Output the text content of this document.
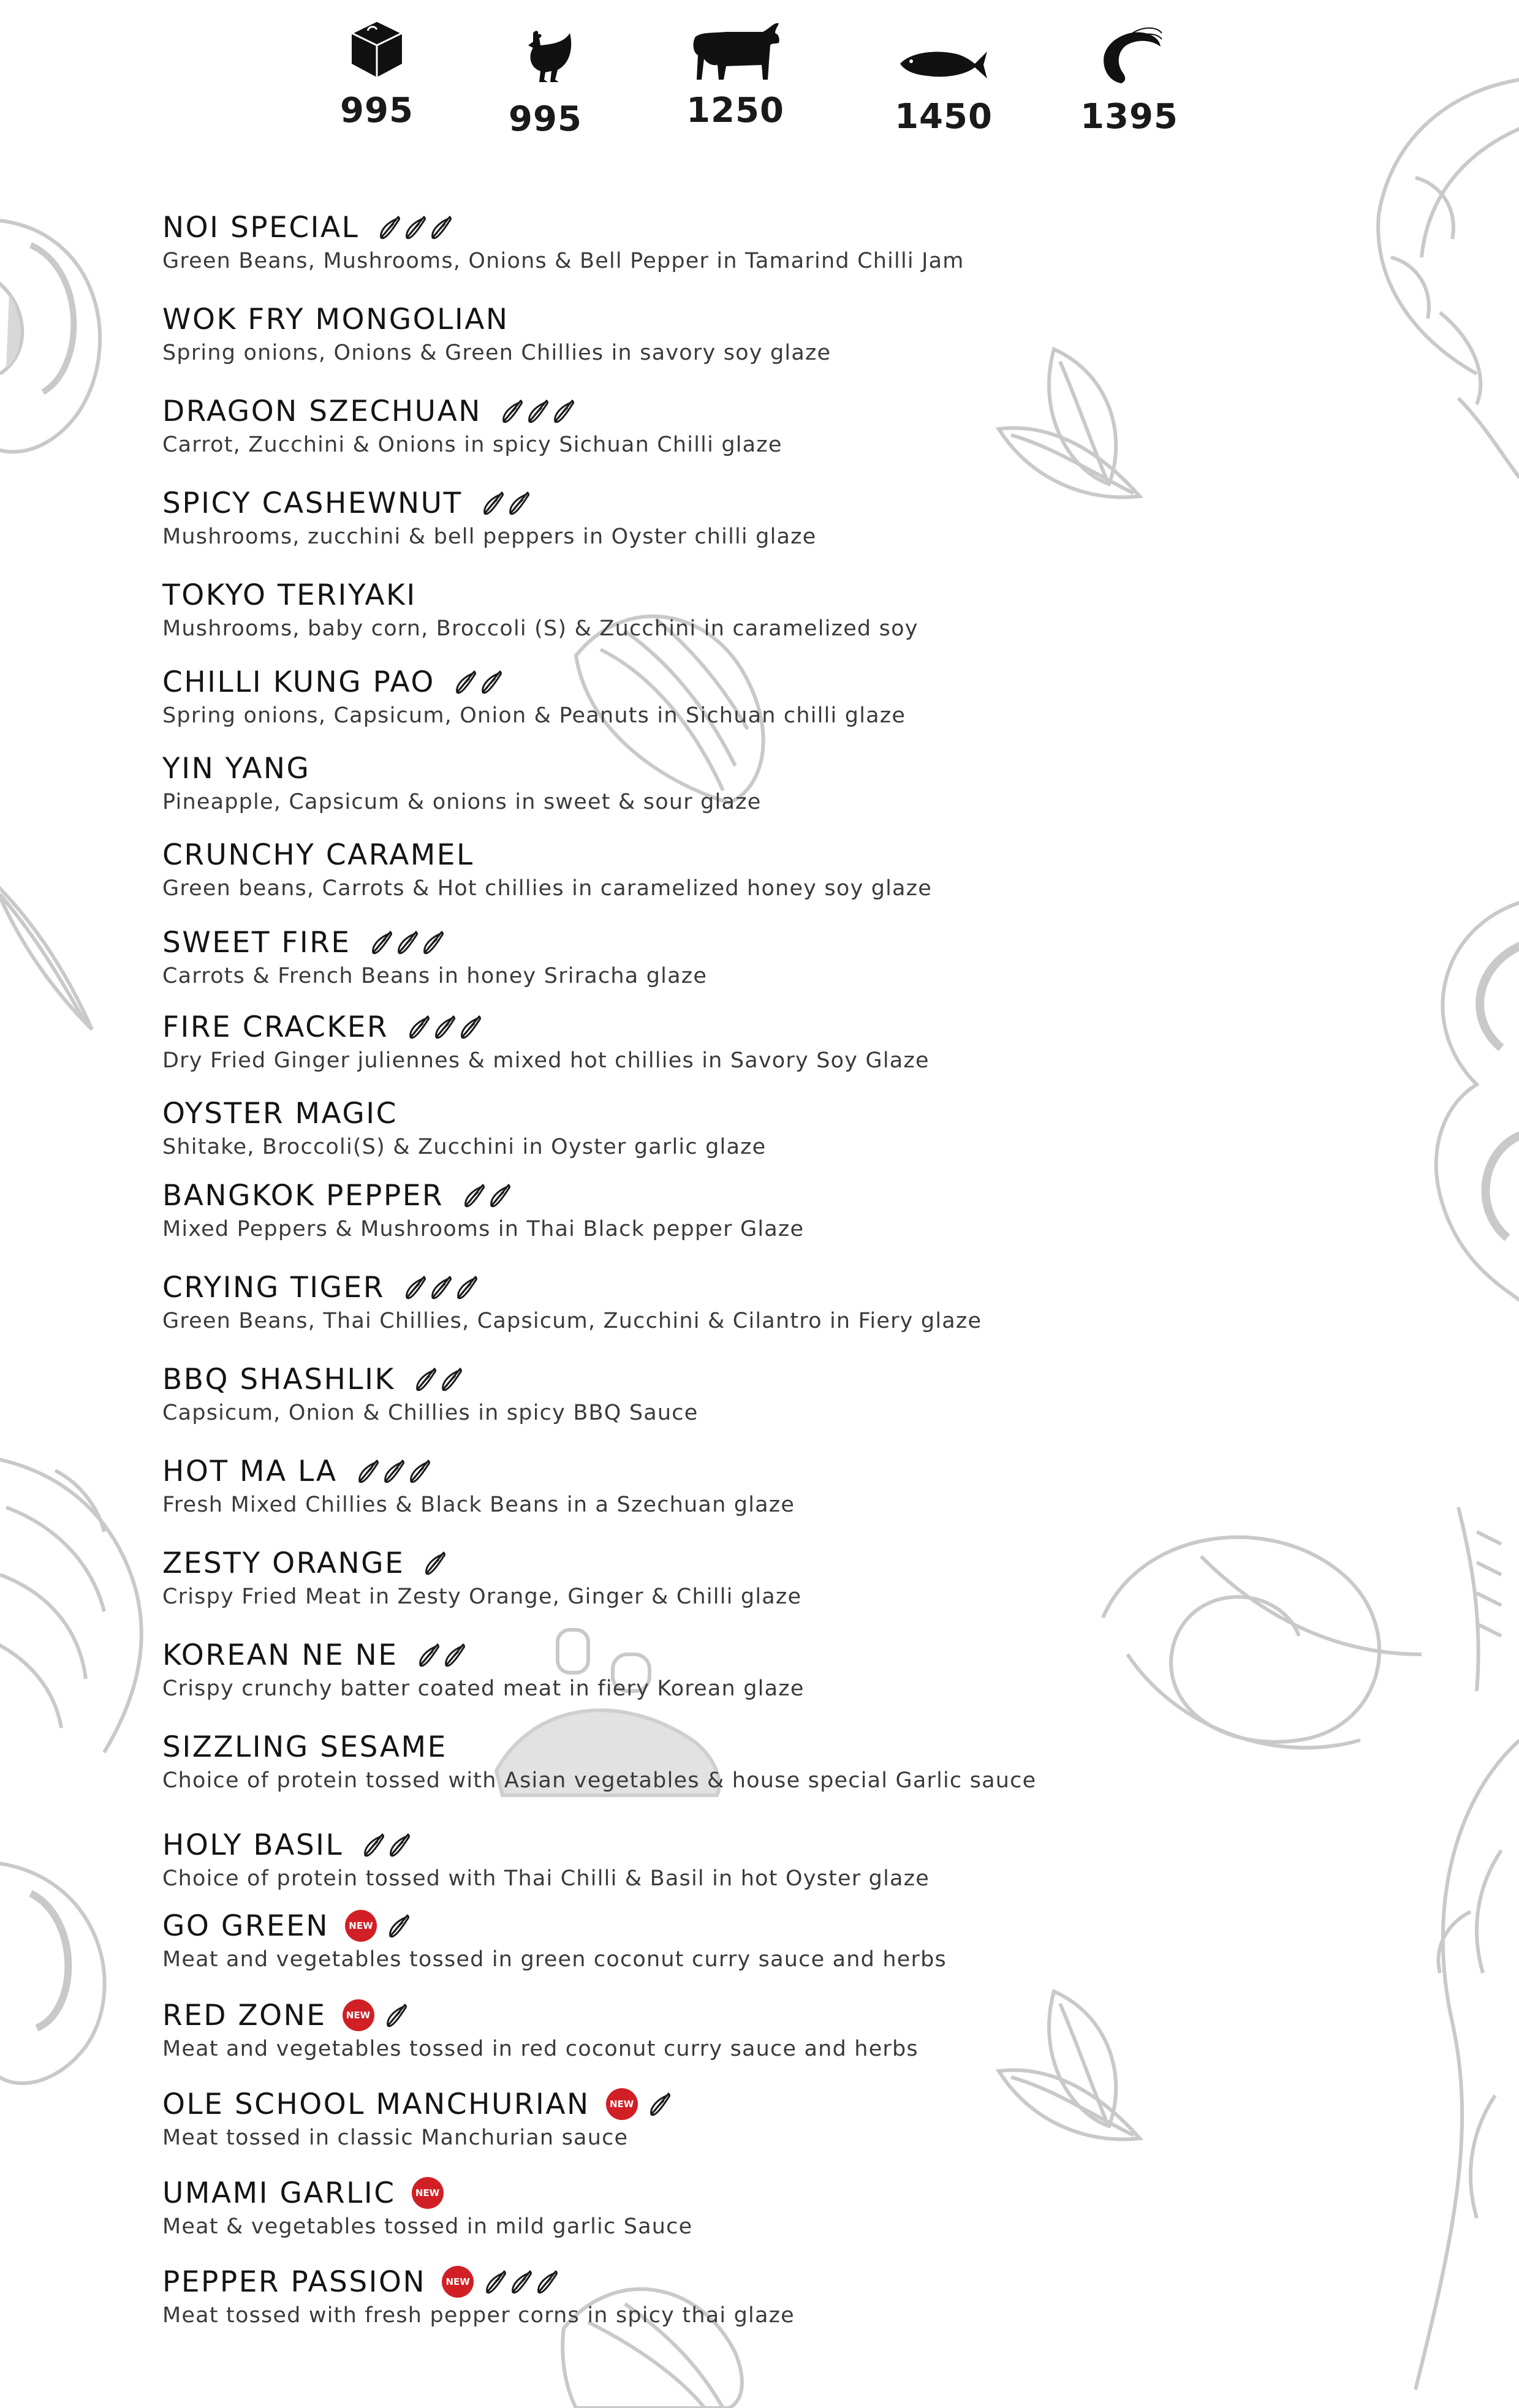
995	995	1250	1450	1395
NOI SPECIAL
Green Beans, Mushrooms, Onions & Bell Pepper in Tamarind Chilli Jam
WOK FRY MONGOLIAN
Spring onions, Onions & Green Chillies in savory soy glaze
DRAGON SZECHUAN
Carrot, Zucchini & Onions in spicy Sichuan Chilli glaze
SPICY CASHEWNUT
Mushrooms, zucchini & bell peppers in Oyster chilli glaze
TOKYO TERIYAKI
Mushrooms, baby corn, Broccoli (S) & Zucchini in caramelized soy
CHILLI KUNG PAO
Spring onions, Capsicum, Onion & Peanuts in Sichuan chilli glaze
YIN YANG
Pineapple, Capsicum & onions in sweet & sour glaze
CRUNCHY CARAMEL
Green beans, Carrots & Hot chillies in caramelized honey soy glaze
SWEET FIRE
Carrots & French Beans in honey Sriracha glaze
FIRE CRACKER
Dry Fried Ginger juliennes & mixed hot chillies in Savory Soy Glaze
OYSTER MAGIC
Shitake, Broccoli(S) & Zucchini in Oyster garlic glaze
BANGKOK PEPPER
Mixed Peppers & Mushrooms in Thai Black pepper Glaze
CRYING TIGER
Green Beans, Thai Chillies, Capsicum, Zucchini & Cilantro in Fiery glaze
BBQ SHASHLIK
Capsicum, Onion & Chillies in spicy BBQ Sauce
HOT MA LA
Fresh Mixed Chillies & Black Beans in a Szechuan glaze
ZESTY ORANGE
Crispy Fried Meat in Zesty Orange, Ginger & Chilli glaze
KOREAN NE NE
Crispy crunchy batter coated meat in fiery Korean glaze
SIZZLING SESAME
Choice of protein tossed with Asian vegetables & house special Garlic sauce
HOLY BASIL
Choice of protein tossed with Thai Chilli & Basil in hot Oyster glaze
GO GREEN	NEW
Meat and vegetables tossed in green coconut curry sauce and herbs
RED ZONE	NEW
Meat and vegetables tossed in red coconut curry sauce and herbs
OLE SCHOOL MANCHURIAN	NEW
Meat tossed in classic Manchurian sauce
UMAMI GARLIC	NEW
Meat & vegetables tossed in mild garlic Sauce
PEPPER PASSION	NEW
Meat tossed with fresh pepper corns in spicy thai glaze
